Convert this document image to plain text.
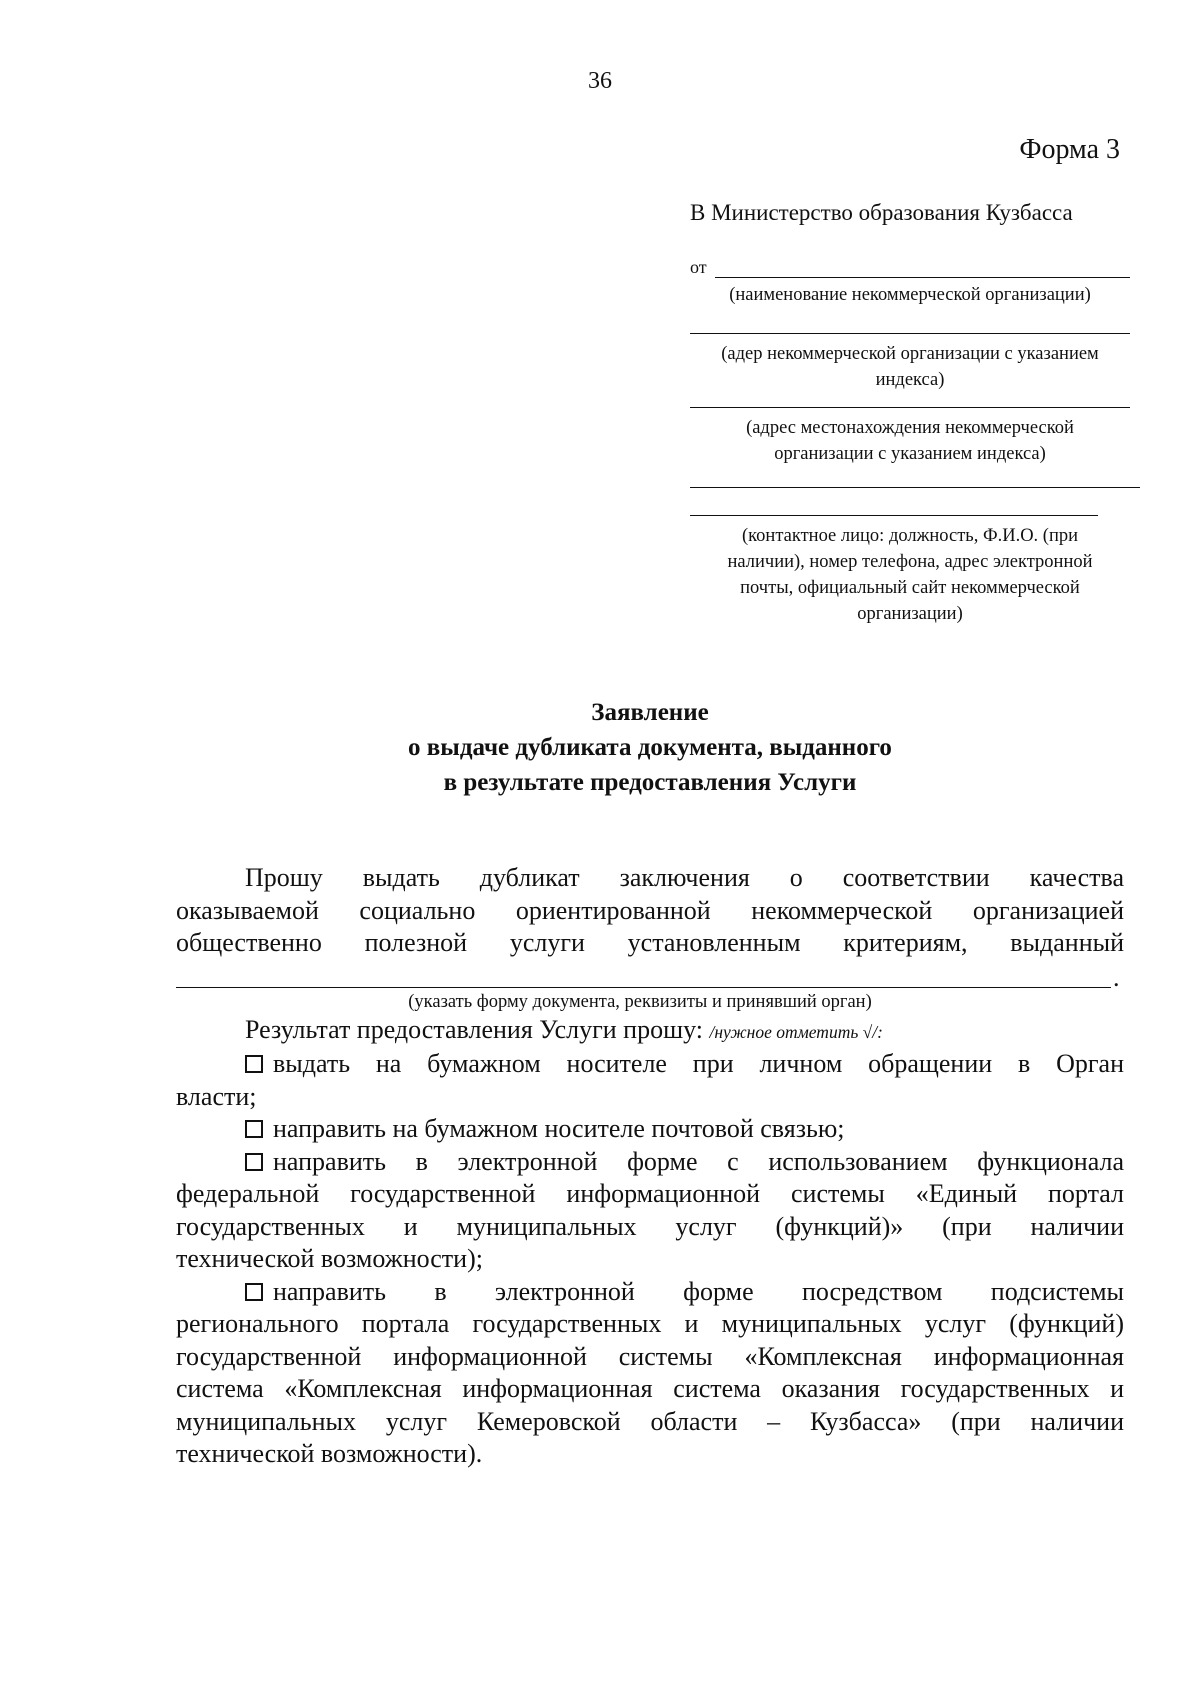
36
Форма 3
В Министерство образования Кузбасса
от
(наименование некоммерческой организации)
(адер некоммерческой организации с указанием
индекса)
(адрес местонахождения некоммерческой
организации с указанием индекса)
(контактное лицо: должность, Ф.И.О. (при
наличии), номер телефона, адрес электронной
почты, официальный сайт некоммерческой
организации)
Заявление
о выдаче дубликата документа, выданного
в результате предоставления Услуги

Прошу выдать дубликат заключения о соответствии качества

оказываемой социально ориентированной некоммерческой организацией

общественно полезной услуги установленным критериям, выданный

.

(указать форму документа, реквизиты и принявший орган)

Результат предоставления Услуги прошу: /нужное отметить √/:

выдать на бумажном носителе при личном обращении в Орган

власти;

направить на бумажном носителе почтовой связью;

направить в электронной форме с использованием функционала

федеральной государственной информационной системы «Единый портал

государственных и муниципальных услуг (функций)» (при наличии

технической возможности);

направить в электронной форме посредством подсистемы

регионального портала государственных и муниципальных услуг (функций)

государственной информационной системы «Комплексная информационная

система «Комплексная информационная система оказания государственных и

муниципальных услуг Кемеровской области – Кузбасса» (при наличии

технической возможности).
